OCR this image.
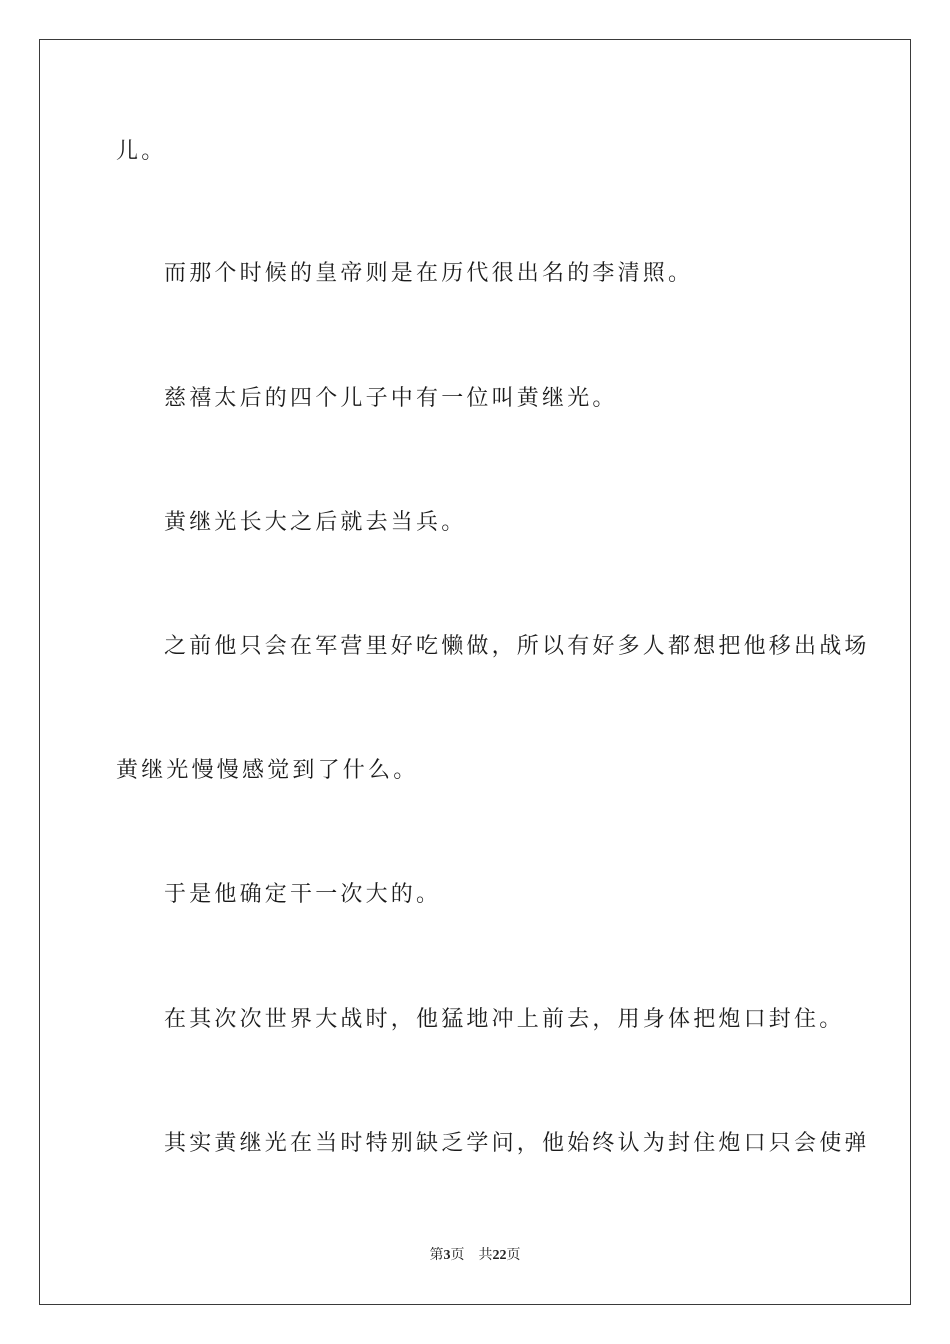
儿。
而那个时候的皇帝则是在历代很出名的李清照。
慈禧太后的四个儿子中有一位叫黄继光。
黄继光长大之后就去当兵。
之前他只会在军营里好吃懒做，所以有好多人都想把他移出战场
黄继光慢慢感觉到了什么。
于是他确定干一次大的。
在其次次世界大战时，他猛地冲上前去，用身体把炮口封住。
其实黄继光在当时特别缺乏学问，他始终认为封住炮口只会使弹
第3页 共22页
